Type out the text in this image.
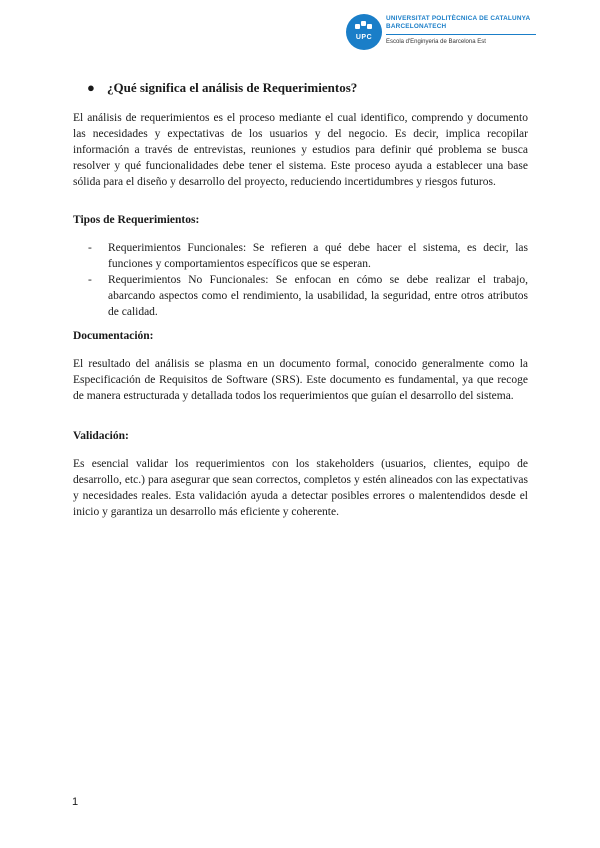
UPC
UNIVERSITAT POLITÈCNICA DE CATALUNYA
BARCELONATECH
Escola d'Enginyeria de Barcelona Est
● ¿Qué significa el análisis de Requerimientos?

El análisis de requerimientos es el proceso mediante el cual identifico, comprendo y documento las necesidades y expectativas de los usuarios y del negocio. Es decir, implica recopilar información a través de entrevistas, reuniones y estudios para definir qué problema se busca resolver y qué funcionalidades debe tener el sistema. Este proceso ayuda a establecer una base sólida para el diseño y desarrollo del proyecto, reduciendo incertidumbres y riesgos futuros.

Tipos de Requerimientos:
- Requerimientos Funcionales: Se refieren a qué debe hacer el sistema, es decir, las funciones y comportamientos específicos que se esperan.

- Requerimientos No Funcionales: Se enfocan en cómo se debe realizar el trabajo, abarcando aspectos como el rendimiento, la usabilidad, la seguridad, entre otros atributos de calidad.

Documentación:

El resultado del análisis se plasma en un documento formal, conocido generalmente como la Especificación de Requisitos de Software (SRS). Este documento es fundamental, ya que recoge de manera estructurada y detallada todos los requerimientos que guían el desarrollo del sistema.

Validación:

Es esencial validar los requerimientos con los stakeholders (usuarios, clientes, equipo de desarrollo, etc.) para asegurar que sean correctos, completos y estén alineados con las expectativas y necesidades reales. Esta validación ayuda a detectar posibles errores o malentendidos desde el inicio y garantiza un desarrollo más eficiente y coherente.

1
